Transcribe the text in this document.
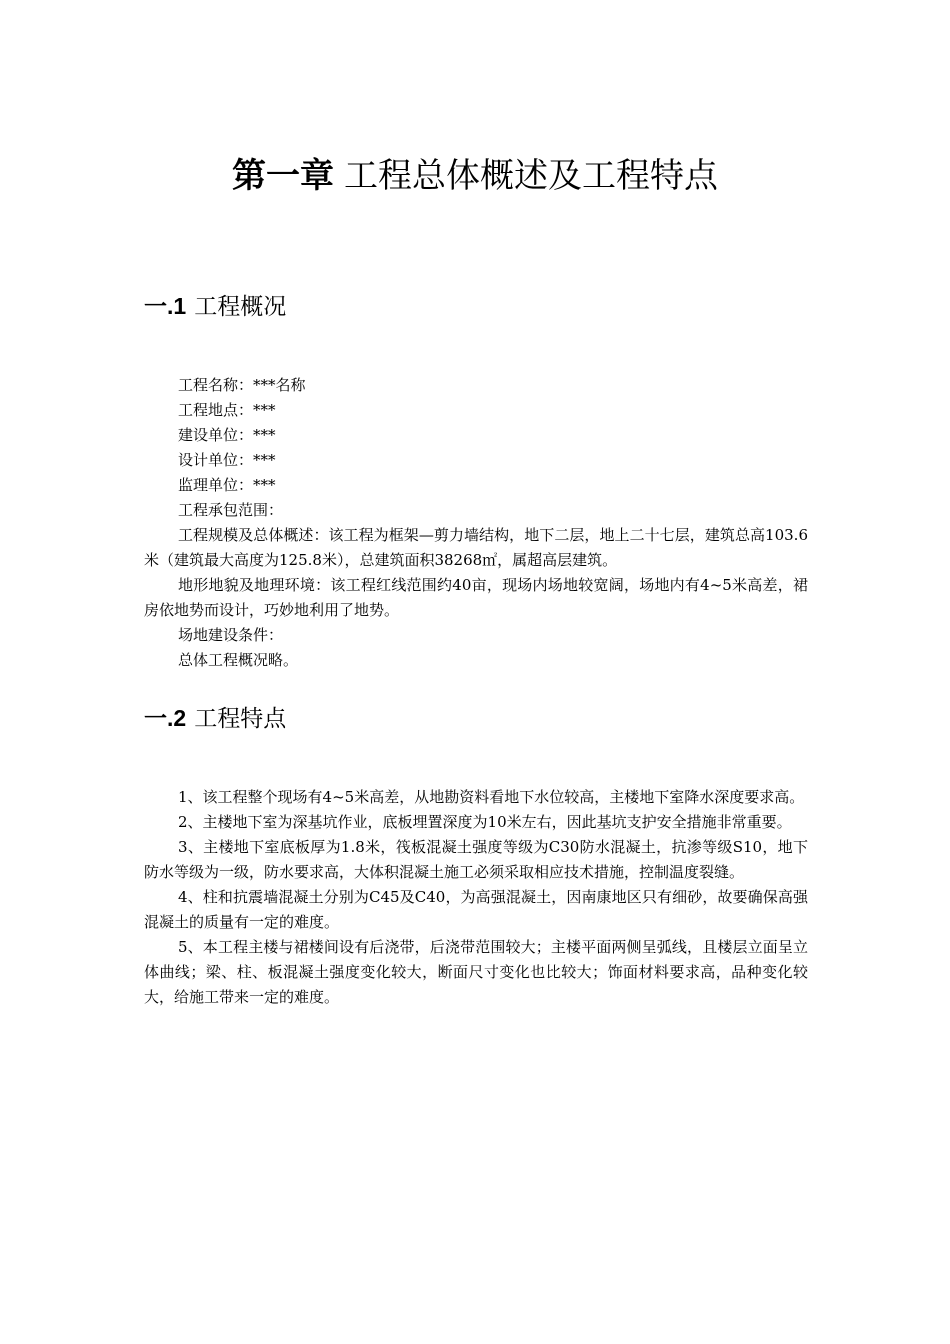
第一章 工程总体概述及工程特点
一.1 工程概况

工程名称：***名称

工程地点：***

建设单位：***

设计单位：***

监理单位：***

工程承包范围：

工程规模及总体概述：该工程为框架—剪力墙结构，地下二层，地上二十七层，建筑总高103.6米（建筑最大高度为125.8米），总建筑面积38268㎡，属超高层建筑。

地形地貌及地理环境：该工程红线范围约40亩，现场内场地较宽阔，场地内有4~5米高差，裙房依地势而设计，巧妙地利用了地势。

场地建设条件：

总体工程概况略。

一.2 工程特点

1、该工程整个现场有4~5米高差，从地勘资料看地下水位较高，主楼地下室降水深度要求高。

2、主楼地下室为深基坑作业，底板埋置深度为10米左右，因此基坑支护安全措施非常重要。

3、主楼地下室底板厚为1.8米，筏板混凝土强度等级为C30防水混凝土，抗渗等级S10，地下防水等级为一级，防水要求高，大体积混凝土施工必须采取相应技术措施，控制温度裂缝。

4、柱和抗震墙混凝土分别为C45及C40，为高强混凝土，因南康地区只有细砂，故要确保高强混凝土的质量有一定的难度。

5、本工程主楼与裙楼间设有后浇带，后浇带范围较大；主楼平面两侧呈弧线，且楼层立面呈立体曲线；梁、柱、板混凝土强度变化较大，断面尺寸变化也比较大；饰面材料要求高，品种变化较大，给施工带来一定的难度。
